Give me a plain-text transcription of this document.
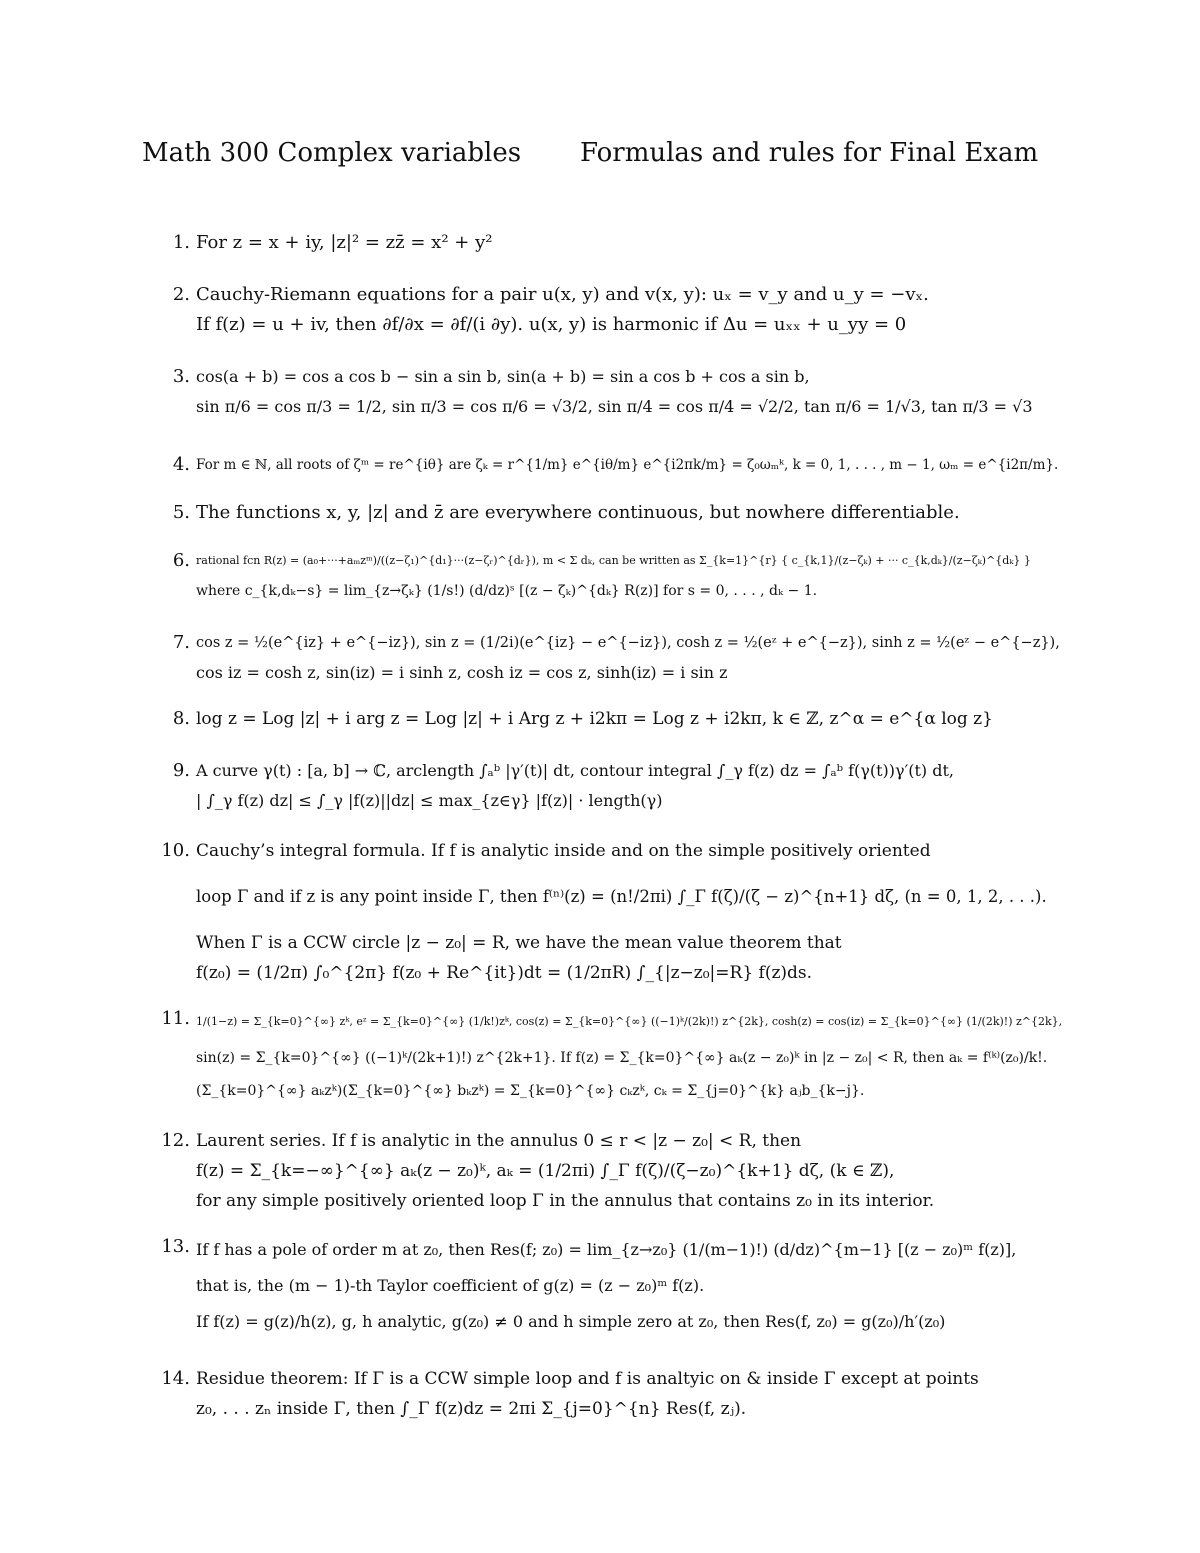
Math 300 Complex variables Formulas and rules for Final Exam
1. For z = x + iy, |z|² = zz̄ = x² + y²
2. Cauchy-Riemann equations for a pair u(x, y) and v(x, y): uₓ = v_y and u_y = −vₓ.
If f(z) = u + iv, then ∂f/∂x = ∂f/(i ∂y). u(x, y) is harmonic if Δu = uₓₓ + u_yy = 0
3. cos(a + b) = cos a cos b − sin a sin b, sin(a + b) = sin a cos b + cos a sin b,
sin π/6 = cos π/3 = 1/2, sin π/3 = cos π/6 = √3/2, sin π/4 = cos π/4 = √2/2, tan π/6 = 1/√3, tan π/3 = √3
4. For m ∈ ℕ, all roots of ζᵐ = re^{iθ} are ζₖ = r^{1/m} e^{iθ/m} e^{i2πk/m} = ζ₀ωₘᵏ, k = 0, 1, . . . , m − 1, ωₘ = e^{i2π/m}.
5. The functions x, y, |z| and z̄ are everywhere continuous, but nowhere differentiable.
6. rational fcn R(z) = (a₀+···+aₘzᵐ)/((z−ζ₁)^{d₁}···(z−ζᵣ)^{dᵣ}), m < Σ dₖ, can be written as Σ_{k=1}^{r} { c_{k,1}/(z−ζₖ) + ··· c_{k,dₖ}/(z−ζₖ)^{dₖ} }
where c_{k,dₖ−s} = lim_{z→ζₖ} (1/s!) (d/dz)ˢ [(z − ζₖ)^{dₖ} R(z)] for s = 0, . . . , dₖ − 1.
7. cos z = ½(e^{iz} + e^{−iz}), sin z = (1/2i)(e^{iz} − e^{−iz}), cosh z = ½(eᶻ + e^{−z}), sinh z = ½(eᶻ − e^{−z}),
cos iz = cosh z, sin(iz) = i sinh z, cosh iz = cos z, sinh(iz) = i sin z
8. log z = Log |z| + i arg z = Log |z| + i Arg z + i2kπ = Log z + i2kπ, k ∈ ℤ, z^α = e^{α log z}
9. A curve γ(t) : [a, b] → ℂ, arclength ∫ₐᵇ |γ′(t)| dt, contour integral ∫_γ f(z) dz = ∫ₐᵇ f(γ(t))γ′(t) dt,
| ∫_γ f(z) dz| ≤ ∫_γ |f(z)||dz| ≤ max_{z∈γ} |f(z)| · length(γ)
10. Cauchy’s integral formula. If f is analytic inside and on the simple positively oriented
loop Γ and if z is any point inside Γ, then f⁽ⁿ⁾(z) = (n!/2πi) ∫_Γ f(ζ)/(ζ − z)^{n+1} dζ, (n = 0, 1, 2, . . .).
When Γ is a CCW circle |z − z₀| = R, we have the mean value theorem that
f(z₀) = (1/2π) ∫₀^{2π} f(z₀ + Re^{it})dt = (1/2πR) ∫_{|z−z₀|=R} f(z)ds.
11. 1/(1−z) = Σ_{k=0}^{∞} zᵏ, eᶻ = Σ_{k=0}^{∞} (1/k!)zᵏ, cos(z) = Σ_{k=0}^{∞} ((−1)ᵏ/(2k)!) z^{2k}, cosh(z) = cos(iz) = Σ_{k=0}^{∞} (1/(2k)!) z^{2k},
sin(z) = Σ_{k=0}^{∞} ((−1)ᵏ/(2k+1)!) z^{2k+1}. If f(z) = Σ_{k=0}^{∞} aₖ(z − z₀)ᵏ in |z − z₀| < R, then aₖ = f⁽ᵏ⁾(z₀)/k!.
(Σ_{k=0}^{∞} aₖzᵏ)(Σ_{k=0}^{∞} bₖzᵏ) = Σ_{k=0}^{∞} cₖzᵏ, cₖ = Σ_{j=0}^{k} aⱼb_{k−j}.
12. Laurent series. If f is analytic in the annulus 0 ≤ r < |z − z₀| < R, then
f(z) = Σ_{k=−∞}^{∞} aₖ(z − z₀)ᵏ, aₖ = (1/2πi) ∫_Γ f(ζ)/(ζ−z₀)^{k+1} dζ, (k ∈ ℤ),
for any simple positively oriented loop Γ in the annulus that contains z₀ in its interior.
13. If f has a pole of order m at z₀, then Res(f; z₀) = lim_{z→z₀} (1/(m−1)!) (d/dz)^{m−1} [(z − z₀)ᵐ f(z)],
that is, the (m − 1)-th Taylor coefficient of g(z) = (z − z₀)ᵐ f(z).
If f(z) = g(z)/h(z), g, h analytic, g(z₀) ≠ 0 and h simple zero at z₀, then Res(f, z₀) = g(z₀)/h′(z₀)
14. Residue theorem: If Γ is a CCW simple loop and f is analtyic on & inside Γ except at points
z₀, . . . zₙ inside Γ, then ∫_Γ f(z)dz = 2πi Σ_{j=0}^{n} Res(f, zⱼ).
